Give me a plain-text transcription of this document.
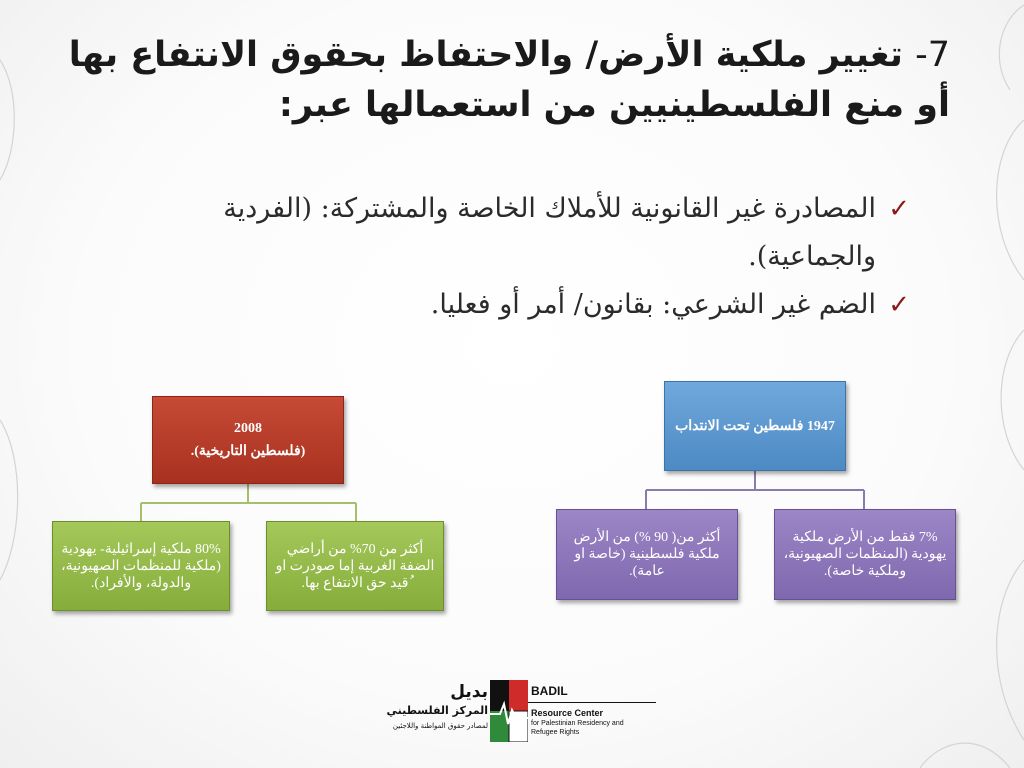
7- تغيير ملكية الأرض/ والاحتفاظ بحقوق الانتفاع بها
أو منع الفلسطينيين من استعمالها عبر:
✓
المصادرة غير القانونية للأملاك الخاصة والمشتركة: (الفردية والجماعية).
✓
الضم غير الشرعي: بقانون/ أمر أو فعليا.
2008
(فلسطين التاريخية).
80% ملكية إسرائيلية- يهودية (ملكية للمنظمات الصهيونية، والدولة، والأفراد).
أكثر من 70% من أراضي الضفة الغربية إما صودرت او ُقيد حق الانتفاع بها.
1947 فلسطين تحت الانتداب
أكثر من( 90 %) من الأرض ملكية فلسطينية (خاصة او عامة).
7% فقط من الأرض ملكية يهودية (المنظمات الصهيونية، وملكية خاصة).
بديل
المركز الفلسطيني
لمصادر حقوق المواطنة واللاجئين
BADIL
Resource Center
for Palestinian Residency and
Refugee Rights
